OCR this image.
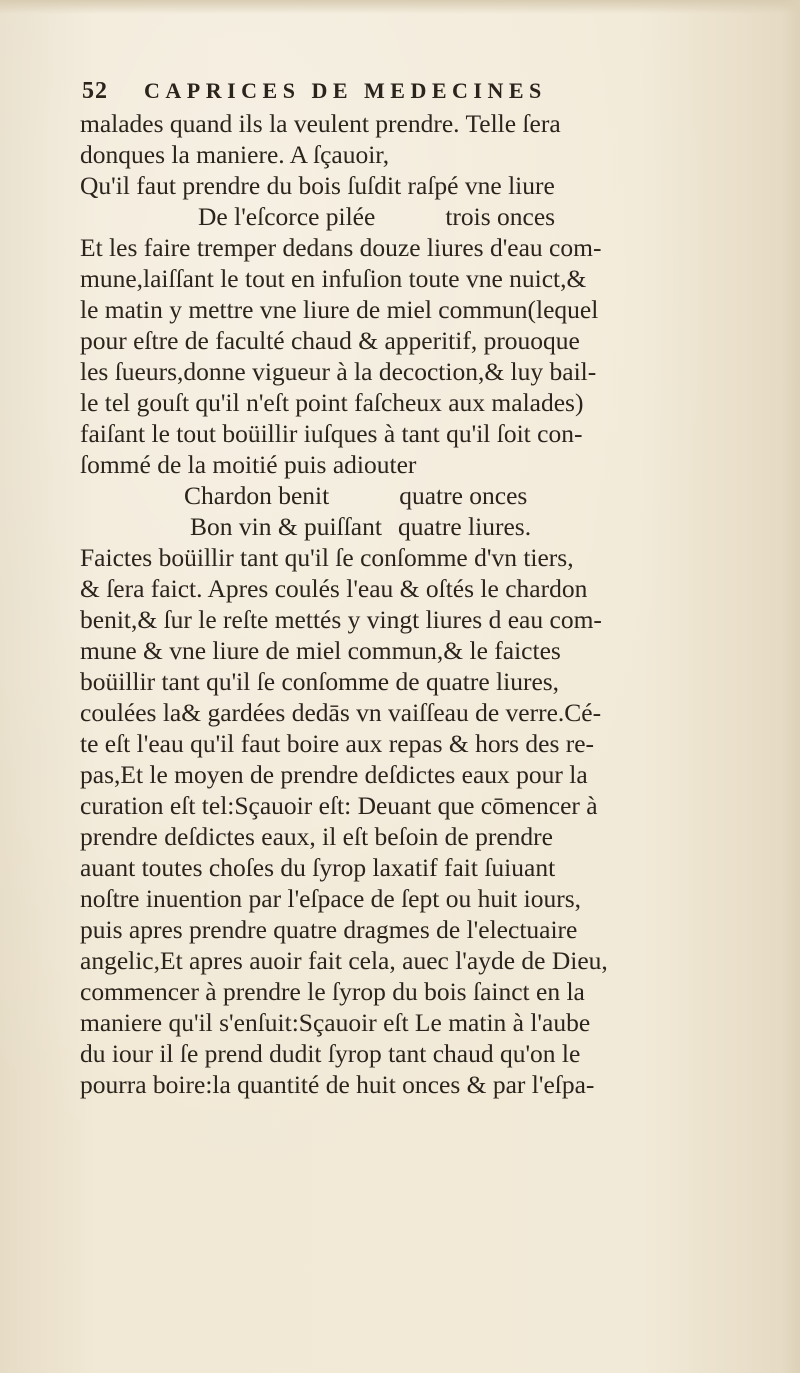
52	CAPRICES DE MEDECINES
malades quand ils la veulent prendre. Telle ſera
donques la maniere. A ſçauoir,
Qu'il faut prendre du bois ſuſdit raſpé vne liure
De l'eſcorce pilée	trois onces
Et les faire tremper dedans douze liures d'eau com-
mune,laiſſant le tout en infuſion toute vne nuict,&
le matin y mettre vne liure de miel commun(lequel
pour eſtre de faculté chaud & apperitif, prouoque
les ſueurs,donne vigueur à la decoction,& luy bail-
le tel gouſt qu'il n'eſt point faſcheux aux malades)
faiſant le tout boüillir iuſques à tant qu'il ſoit con-
ſommé de la moitié puis adiouter
Chardon benit	quatre onces
Bon vin & puiſſant quatre liures.
Faictes boüillir tant qu'il ſe conſomme d'vn tiers,
& ſera faict. Apres coulés l'eau & oſtés le chardon
benit,& ſur le reſte mettés y vingt liures d eau com-
mune & vne liure de miel commun,& le faictes
boüillir tant qu'il ſe conſomme de quatre liures,
coulées la& gardées dedās vn vaiſſeau de verre.Cé-
te eſt l'eau qu'il faut boire aux repas & hors des re-
pas,Et le moyen de prendre deſdictes eaux pour la
curation eſt tel:Sçauoir eſt: Deuant que cōmencer à
prendre deſdictes eaux, il eſt beſoin de prendre
auant toutes choſes du ſyrop laxatif fait ſuiuant
noſtre inuention par l'eſpace de ſept ou huit iours,
puis apres prendre quatre dragmes de l'electuaire
angelic,Et apres auoir fait cela, auec l'ayde de Dieu,
commencer à prendre le ſyrop du bois ſainct en la
maniere qu'il s'enſuit:Sçauoir eſt Le matin à l'aube
du iour il ſe prend dudit ſyrop tant chaud qu'on le
pourra boire:la quantité de huit onces & par l'eſpa-
